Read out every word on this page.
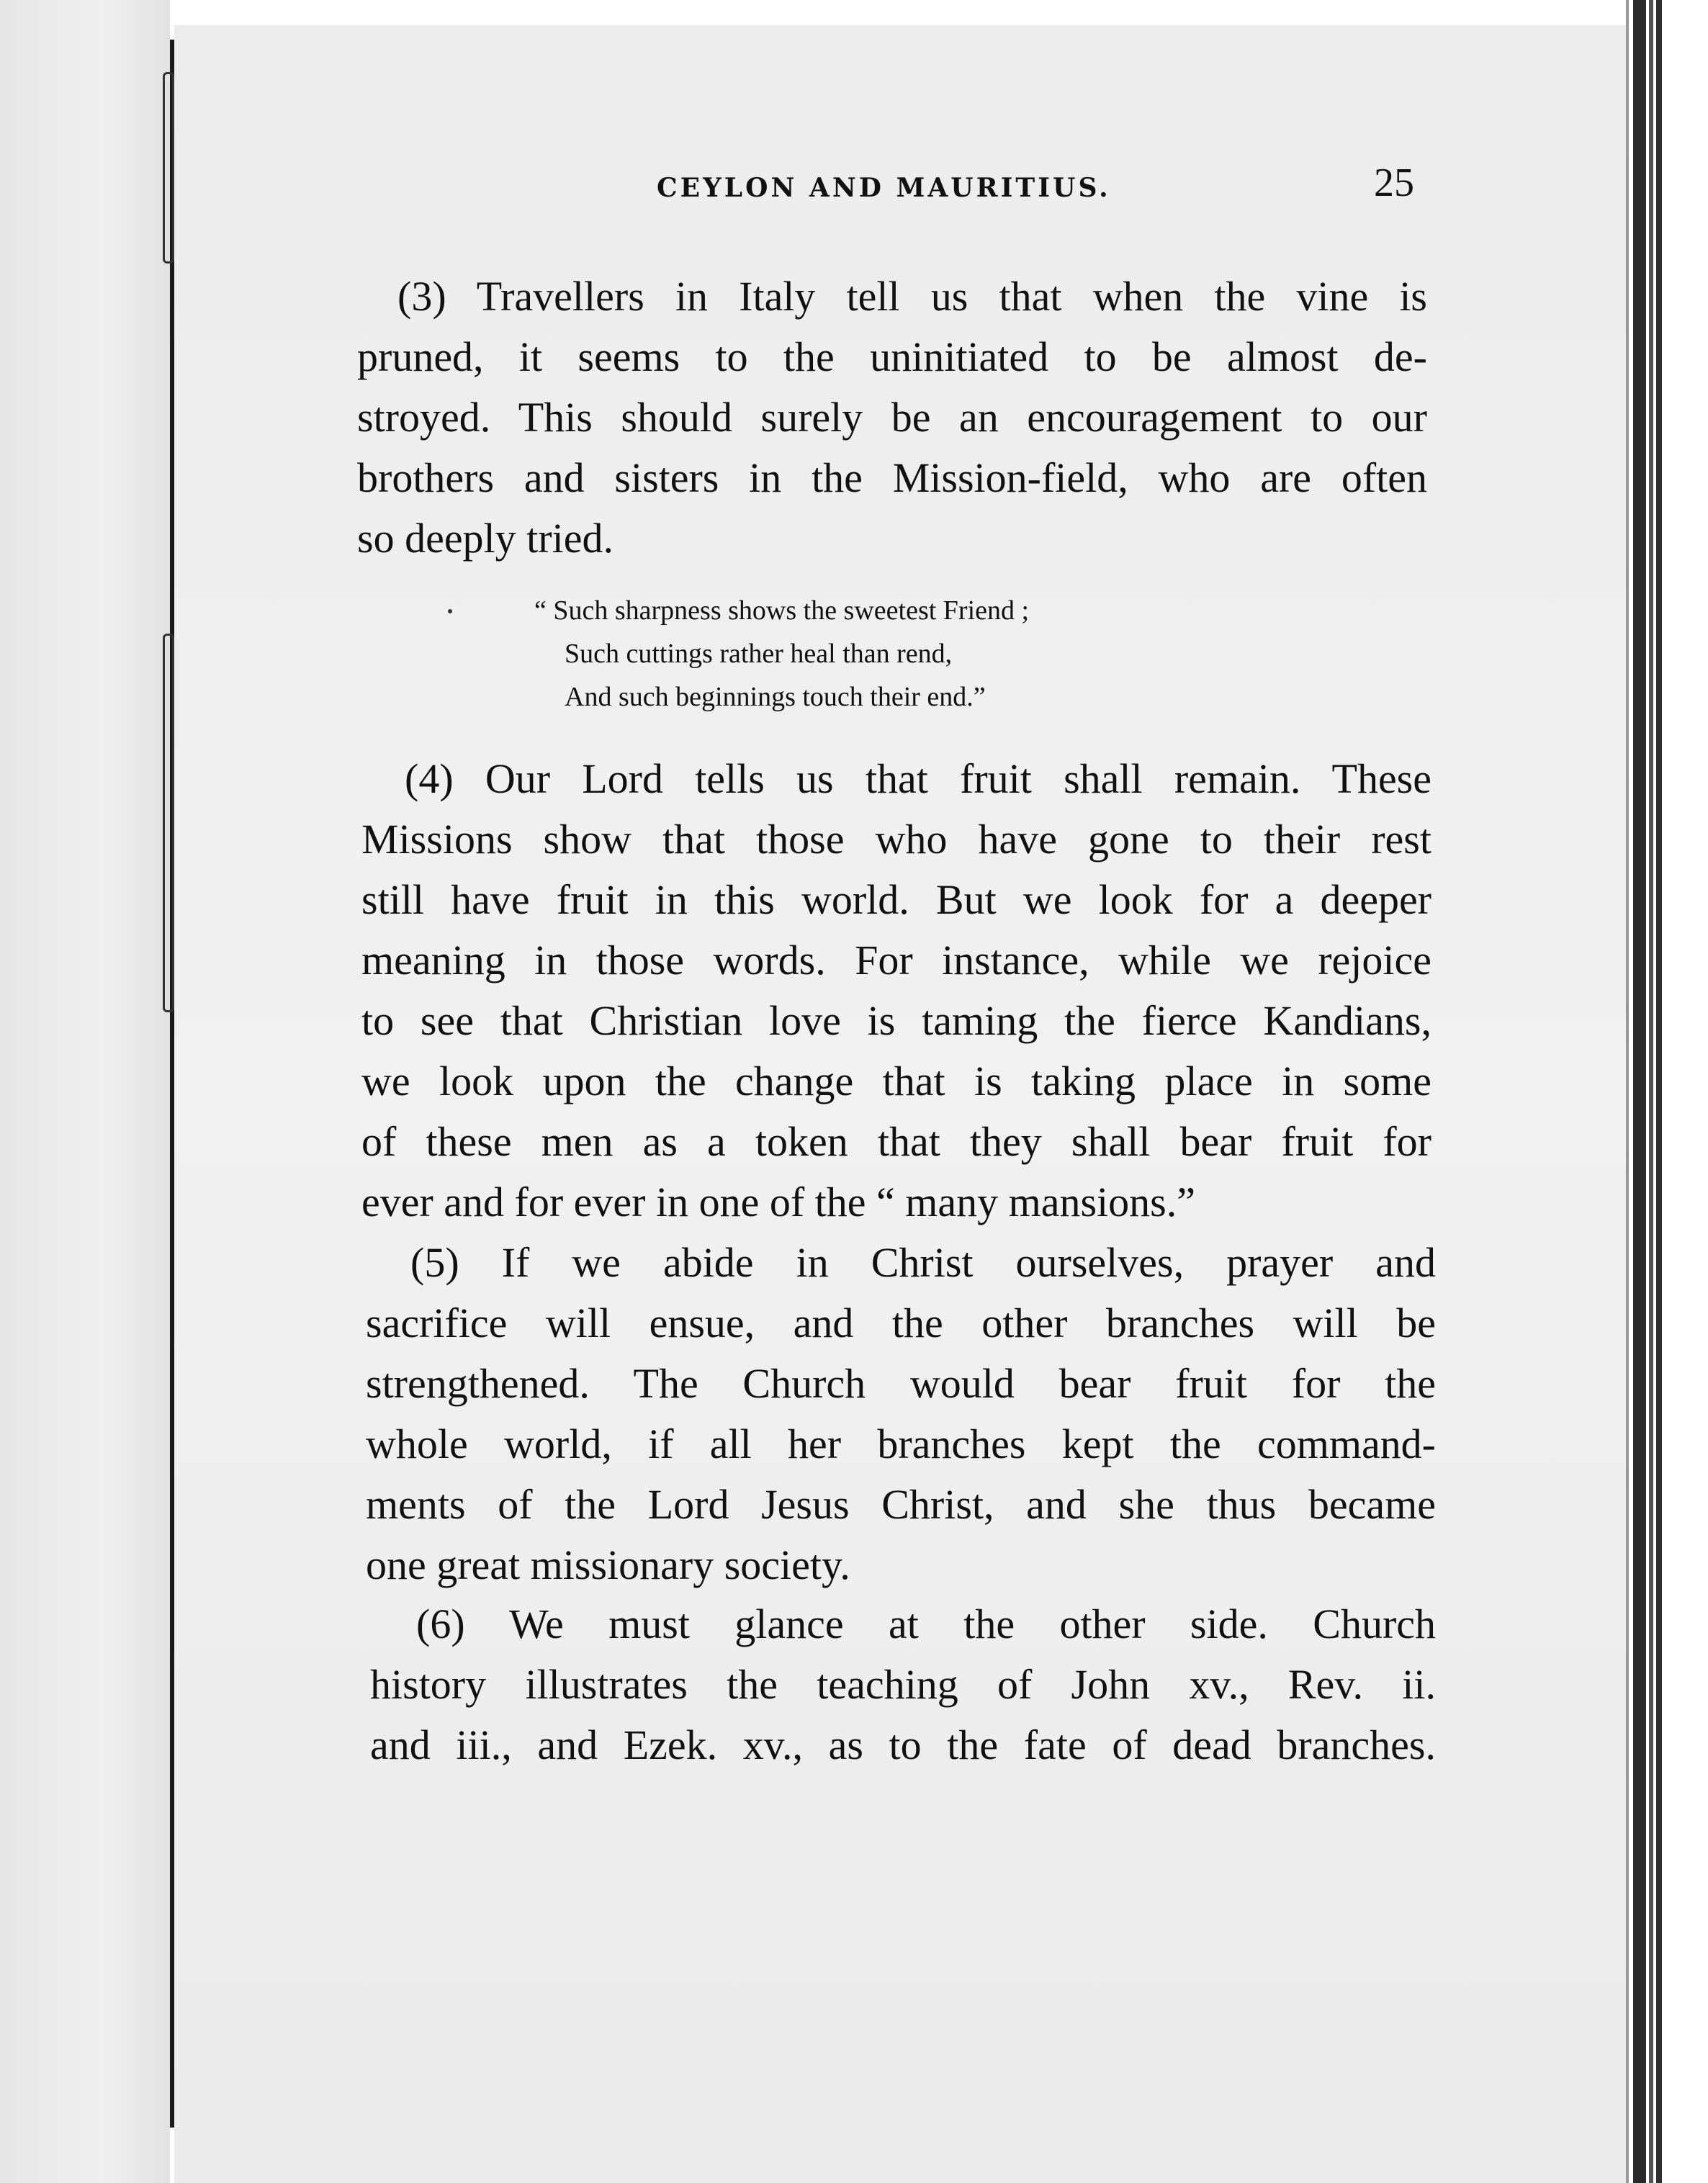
CEYLON AND MAURITIUS.	25
(3) Travellers in Italy tell us that when the vine is
pruned, it seems to the uninitiated to be almost de-
stroyed. This should surely be an encouragement to our
brothers and sisters in the Mission-field, who are often
so deeply tried.
“ Such sharpness shows the sweetest Friend ;
Such cuttings rather heal than rend,
And such beginnings touch their end.”
(4) Our Lord tells us that fruit shall remain. These
Missions show that those who have gone to their rest
still have fruit in this world. But we look for a deeper
meaning in those words. For instance, while we rejoice
to see that Christian love is taming the fierce Kandians,
we look upon the change that is taking place in some
of these men as a token that they shall bear fruit for
ever and for ever in one of the “ many mansions.”
(5) If we abide in Christ ourselves, prayer and
sacrifice will ensue, and the other branches will be
strengthened. The Church would bear fruit for the
whole world, if all her branches kept the command-
ments of the Lord Jesus Christ, and she thus became
one great missionary society.
(6) We must glance at the other side. Church
history illustrates the teaching of John xv., Rev. ii.
and iii., and Ezek. xv., as to the fate of dead branches.
